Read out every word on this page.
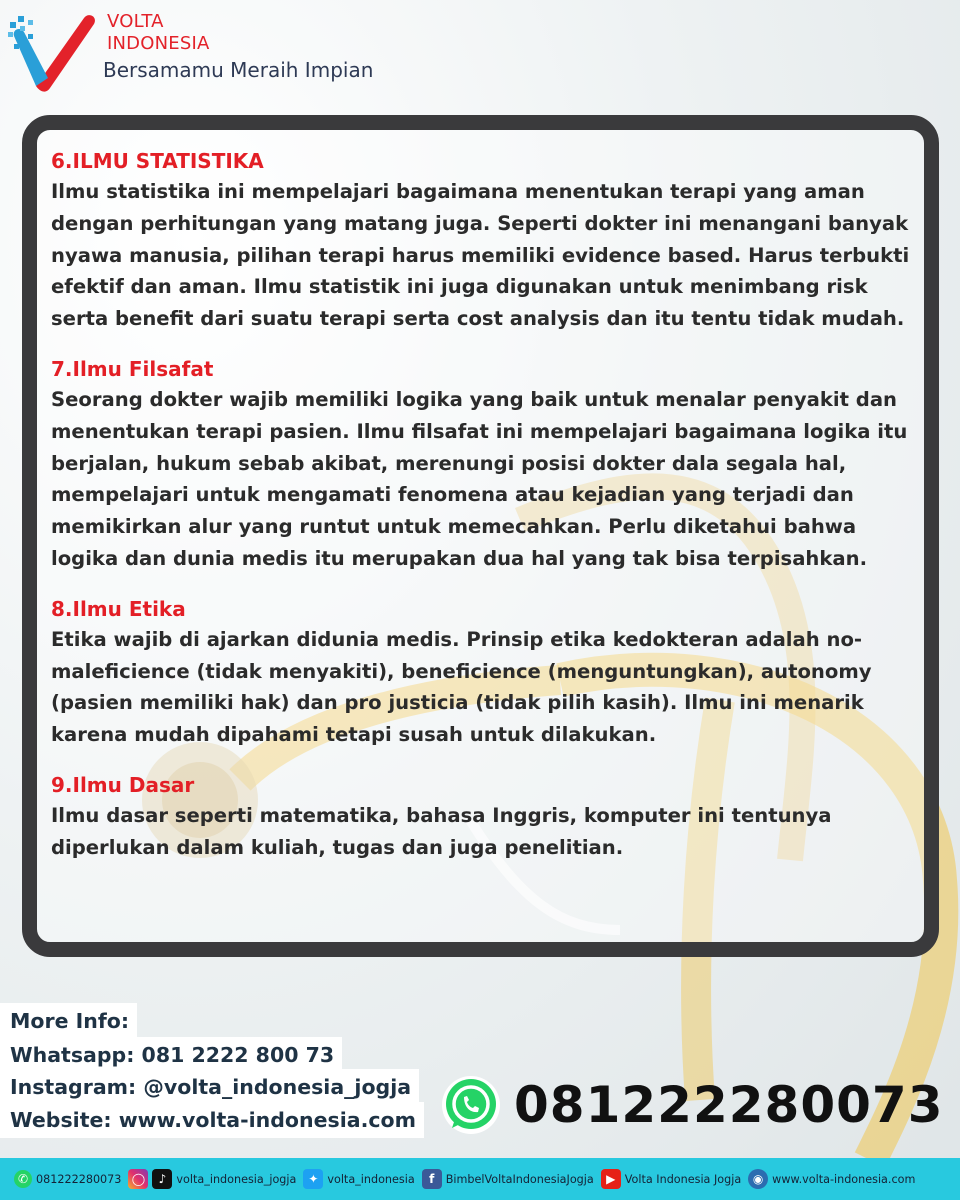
VOLTA
INDONESIA
Bersamamu Meraih Impian
6.ILMU STATISTIKA

Ilmu statistika ini mempelajari bagaimana menentukan terapi yang aman dengan perhitungan yang matang juga. Seperti dokter ini menangani banyak nyawa manusia, pilihan terapi harus memiliki evidence based. Harus terbukti efektif dan aman. Ilmu statistik ini juga digunakan untuk menimbang risk serta benefit dari suatu terapi serta cost analysis dan itu tentu tidak mudah.

7.Ilmu Filsafat

Seorang dokter wajib memiliki logika yang baik untuk menalar penyakit dan menentukan terapi pasien. Ilmu filsafat ini mempelajari bagaimana logika itu berjalan, hukum sebab akibat, merenungi posisi dokter dala segala hal, mempelajari untuk mengamati fenomena atau kejadian yang terjadi dan memikirkan alur yang runtut untuk memecahkan. Perlu diketahui bahwa logika dan dunia medis itu merupakan dua hal yang tak bisa terpisahkan.

8.Ilmu Etika

Etika wajib di ajarkan didunia medis. Prinsip etika kedokteran adalah no-maleficience (tidak menyakiti), beneficience (menguntungkan), autonomy (pasien memiliki hak) dan pro justicia (tidak pilih kasih). Ilmu ini menarik karena mudah dipahami tetapi susah untuk dilakukan.

9.Ilmu Dasar

Ilmu dasar seperti matematika, bahasa Inggris, komputer ini tentunya diperlukan dalam kuliah, tugas dan juga penelitian.

More Info:
Whatsapp: 081 2222 800 73
Instagram: @volta_indonesia_jogja
Website: www.volta-indonesia.com 081222280073
✆ 081222280073 ◯	♪ volta_indonesia_jogja ✦ volta_indonesia	f	BimbelVoltaIndonesiaJogja	▶ Volta Indonesia Jogja ◉ www.volta-indonesia.com
